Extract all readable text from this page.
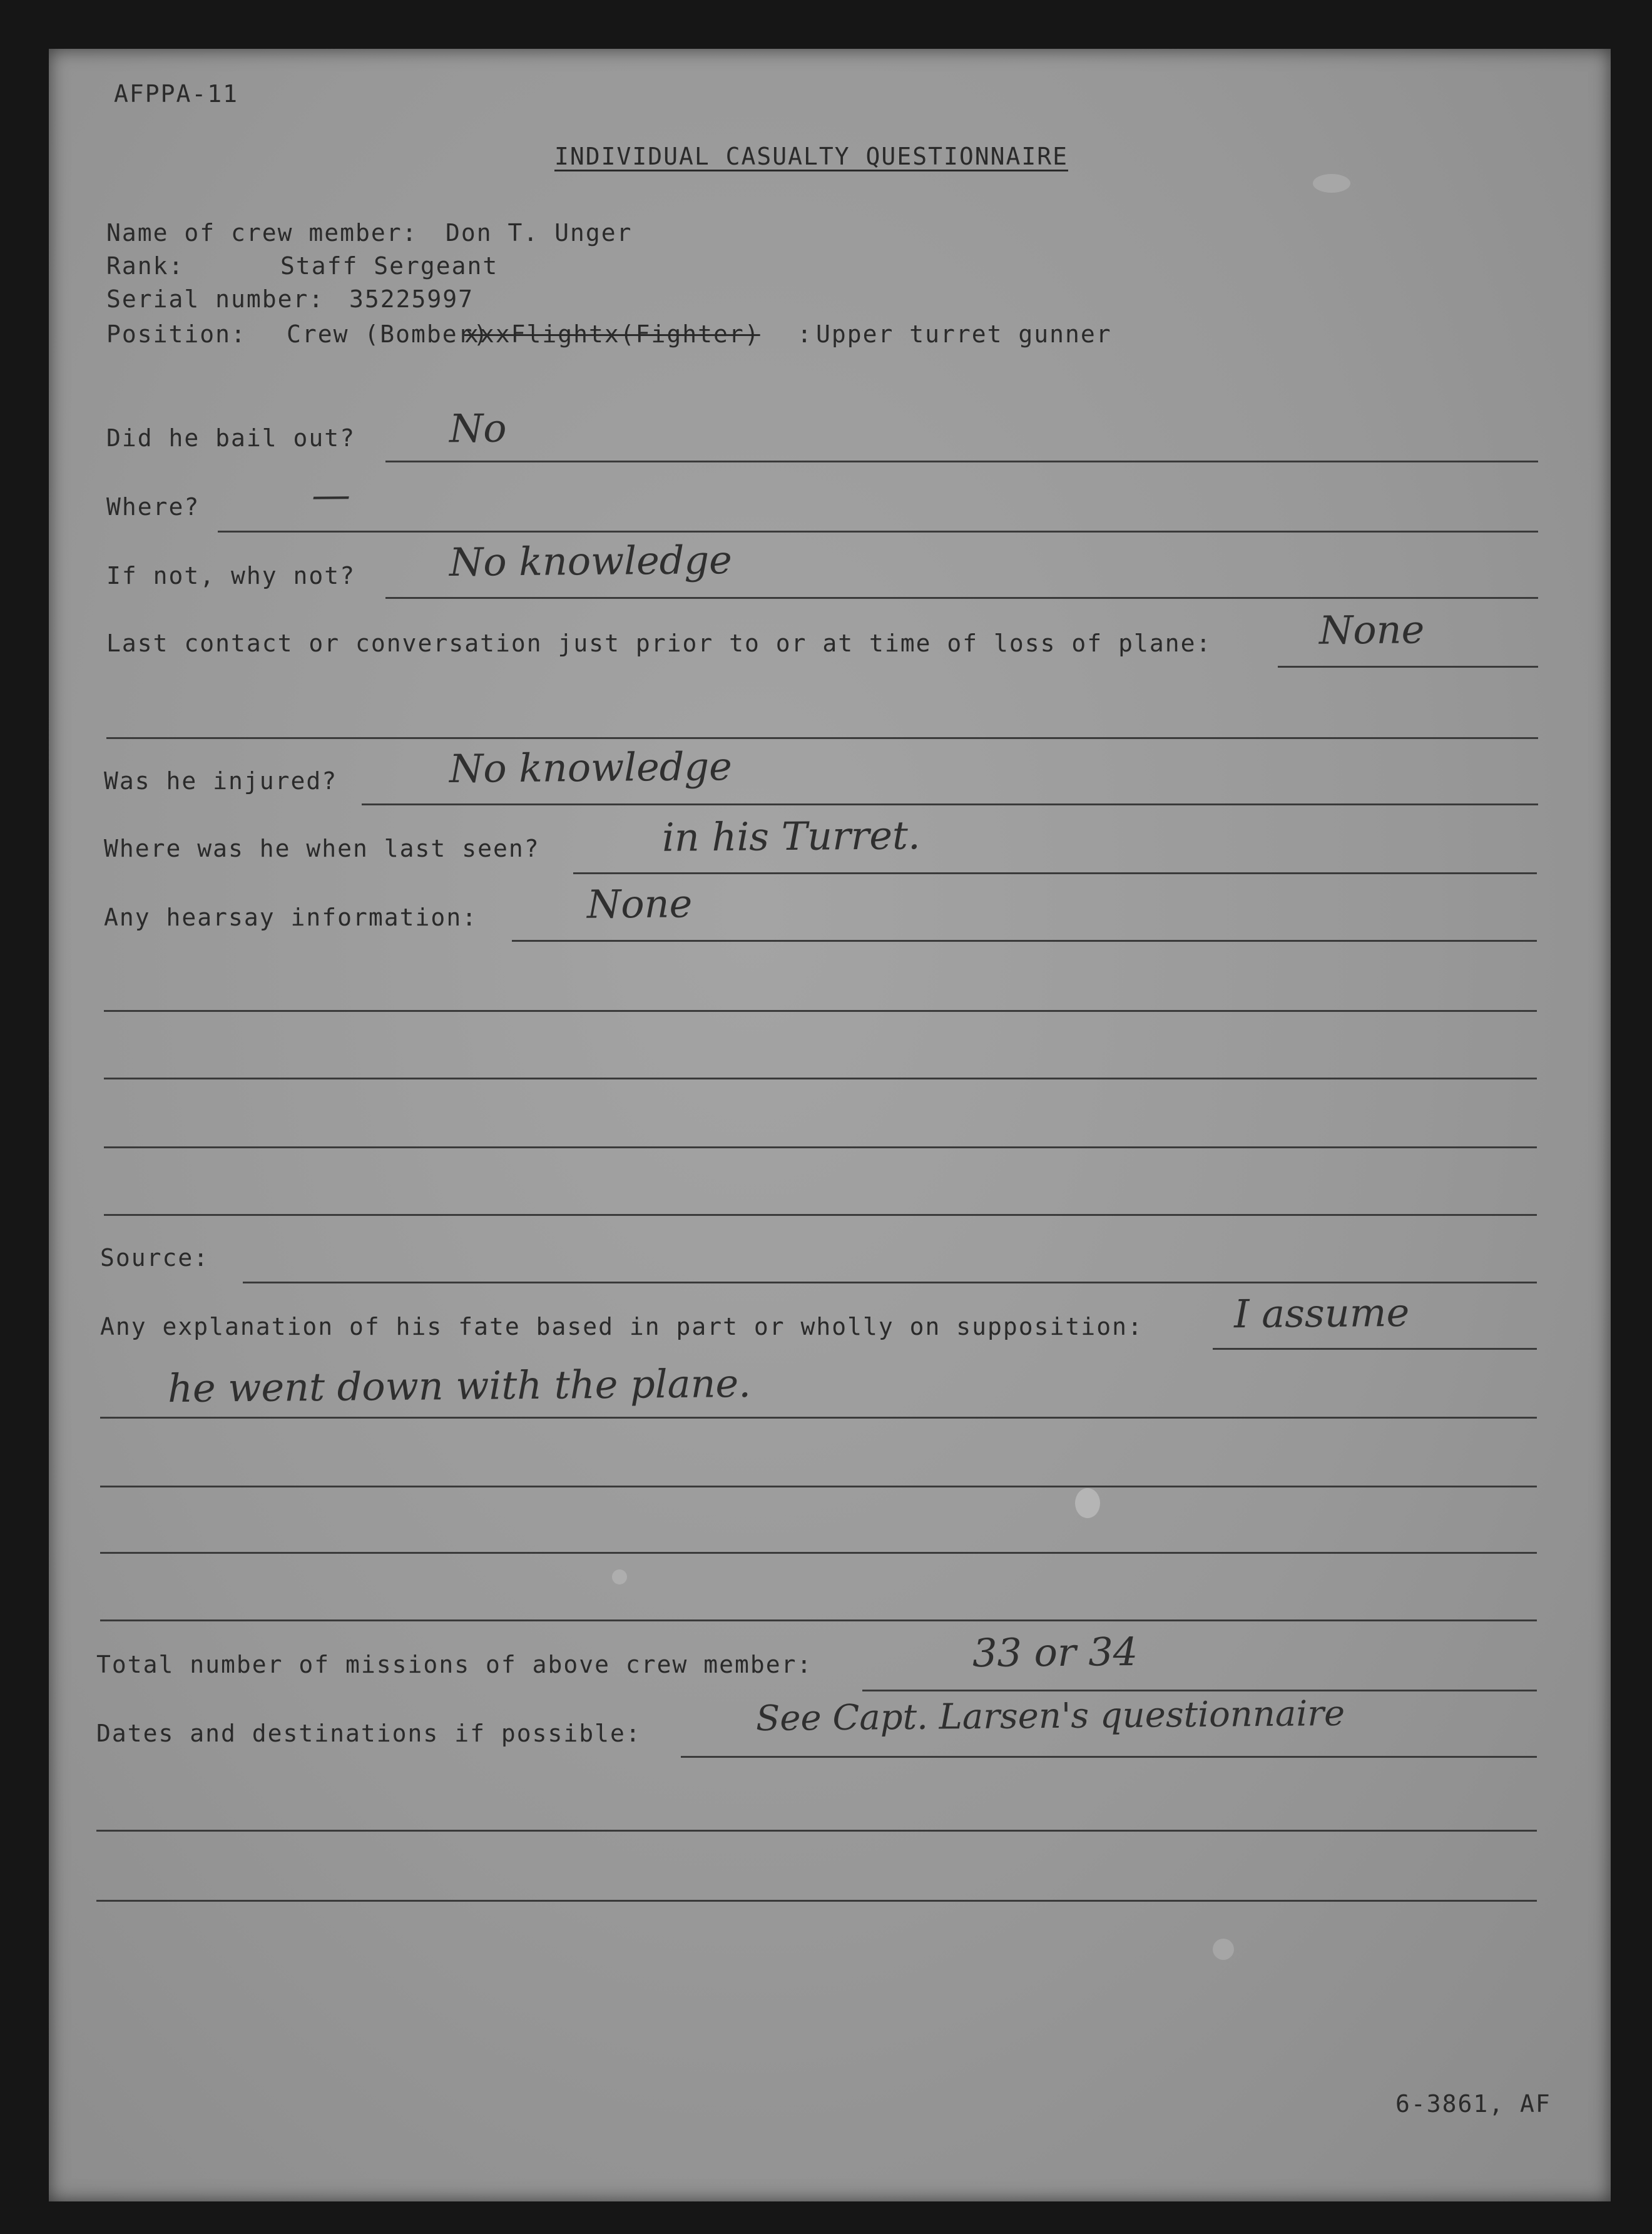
AFPPA-11
INDIVIDUAL CASUALTY QUESTIONNAIRE
Name of crew member: Don T. Unger
Rank:	Staff Sergeant
Serial number: 35225997
Position: Crew (Bomber)
xxxFlightx(Fighter) : Upper turret gunner
Did he bail out? No
Where?	—
If not, why not? No knowledge
Last contact or conversation just prior to or at time of loss of plane:	None
Was he injured?	No knowledge
Where was he when last seen?	in his Turret.
Any hearsay information:	None
Source:
Any explanation of his fate based in part or wholly on supposition: I assume
he went down with the plane.
Total number of missions of above crew member:	33 or 34
Dates and destinations if possible:	See Capt. Larsen's questionnaire
6-3861, AF
